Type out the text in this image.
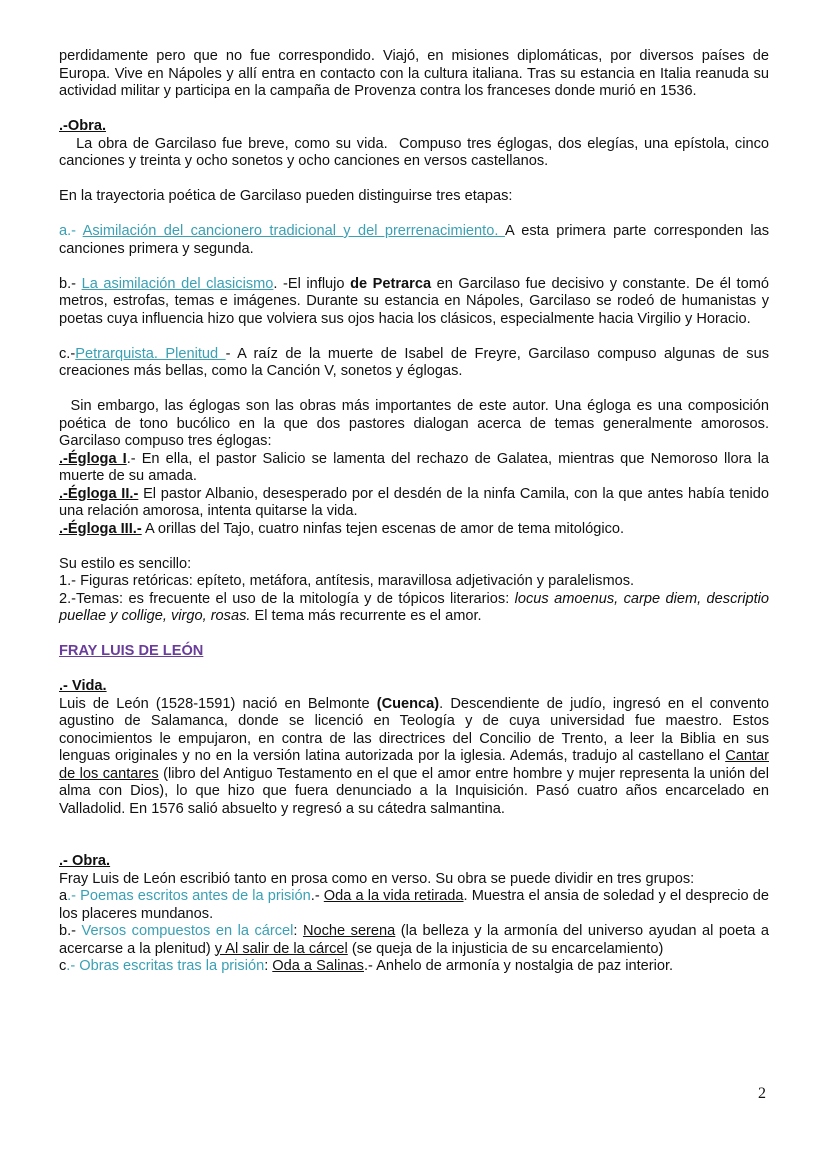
perdidamente pero que no fue correspondido. Viajó, en misiones diplomáticas, por diversos países de Europa. Vive en Nápoles y allí entra en contacto con la cultura italiana. Tras su estancia en Italia reanuda su actividad militar y participa en la campaña de Provenza contra los franceses donde murió en 1536.

.-Obra.

La obra de Garcilaso fue breve, como su vida.  Compuso tres églogas, dos elegías, una epístola, cinco canciones y treinta y ocho sonetos y ocho canciones en versos castellanos.

En la trayectoria poética de Garcilaso pueden distinguirse tres etapas:

a.- Asimilación del cancionero tradicional y del prerrenacimiento. A esta primera parte corresponden las canciones primera y segunda.

b.- La asimilación del clasicismo. -El influjo de Petrarca en Garcilaso fue decisivo y constante. De él tomó metros, estrofas, temas e imágenes. Durante su estancia en Nápoles, Garcilaso se rodeó de humanistas y poetas cuya influencia hizo que volviera sus ojos hacia los clásicos, especialmente hacia Virgilio y Horacio.

c.-Petrarquista. Plenitud - A raíz de la muerte de Isabel de Freyre, Garcilaso compuso algunas de sus creaciones más bellas, como la Canción V, sonetos y églogas.

Sin embargo, las églogas son las obras más importantes de este autor. Una égloga es una composición poética de tono bucólico en la que dos pastores dialogan acerca de temas generalmente amorosos. Garcilaso compuso tres églogas:

.-Égloga I.- En ella, el pastor Salicio se lamenta del rechazo de Galatea, mientras que Nemoroso llora la muerte de su amada.

.-Égloga II.- El pastor Albanio, desesperado por el desdén de la ninfa Camila, con la que antes había tenido una relación amorosa, intenta quitarse la vida.

.-Égloga III.- A orillas del Tajo, cuatro ninfas tejen escenas de amor de tema mitológico.

Su estilo es sencillo:

1.- Figuras retóricas: epíteto, metáfora, antítesis, maravillosa adjetivación y paralelismos.

2.-Temas: es frecuente el uso de la mitología y de tópicos literarios: locus amoenus, carpe diem, descriptio puellae y collige, virgo, rosas. El tema más recurrente es el amor.

FRAY LUIS DE LEÓN

.- Vida.

Luis de León (1528-1591) nació en Belmonte (Cuenca). Descendiente de judío, ingresó en el convento agustino de Salamanca, donde se licenció en Teología y de cuya universidad fue maestro. Estos conocimientos le empujaron, en contra de las directrices del Concilio de Trento, a leer la Biblia en sus lenguas originales y no en la versión latina autorizada por la iglesia. Además, tradujo al castellano el Cantar de los cantares (libro del Antiguo Testamento en el que el amor entre hombre y mujer representa la unión del alma con Dios), lo que hizo que fuera denunciado a la Inquisición. Pasó cuatro años encarcelado en Valladolid. En 1576 salió absuelto y regresó a su cátedra salmantina.

.- Obra.

Fray Luis de León escribió tanto en prosa como en verso. Su obra se puede dividir en tres grupos:

a.- Poemas escritos antes de la prisión.- Oda a la vida retirada. Muestra el ansia de soledad y el desprecio de los placeres mundanos.

b.- Versos compuestos en la cárcel: Noche serena (la belleza y la armonía del universo ayudan al poeta a acercarse a la plenitud) y Al salir de la cárcel (se queja de la injusticia de su encarcelamiento)

c.- Obras escritas tras la prisión: Oda a Salinas.- Anhelo de armonía y nostalgia de paz interior.

2
